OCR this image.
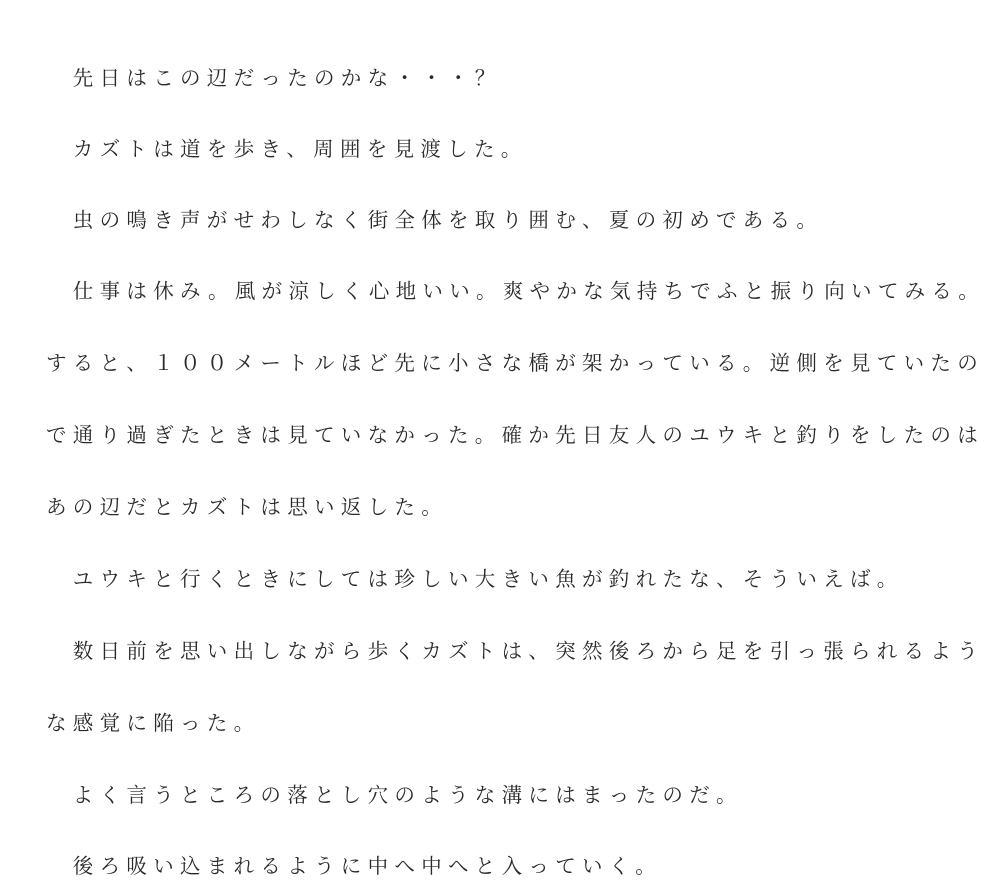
　先日はこの辺だったのかな・・・？
　カズトは道を歩き、周囲を見渡した。
　虫の鳴き声がせわしなく街全体を取り囲む、夏の初めである。
　仕事は休み。風が涼しく心地いい。爽やかな気持ちでふと振り向いてみる。
すると、１００メートルほど先に小さな橋が架かっている。逆側を見ていたの
で通り過ぎたときは見ていなかった。確か先日友人のユウキと釣りをしたのは
あの辺だとカズトは思い返した。
　ユウキと行くときにしては珍しい大きい魚が釣れたな、そういえば。
　数日前を思い出しながら歩くカズトは、突然後ろから足を引っ張られるよう
な感覚に陥った。
　よく言うところの落とし穴のような溝にはまったのだ。
　後ろ吸い込まれるように中へ中へと入っていく。
